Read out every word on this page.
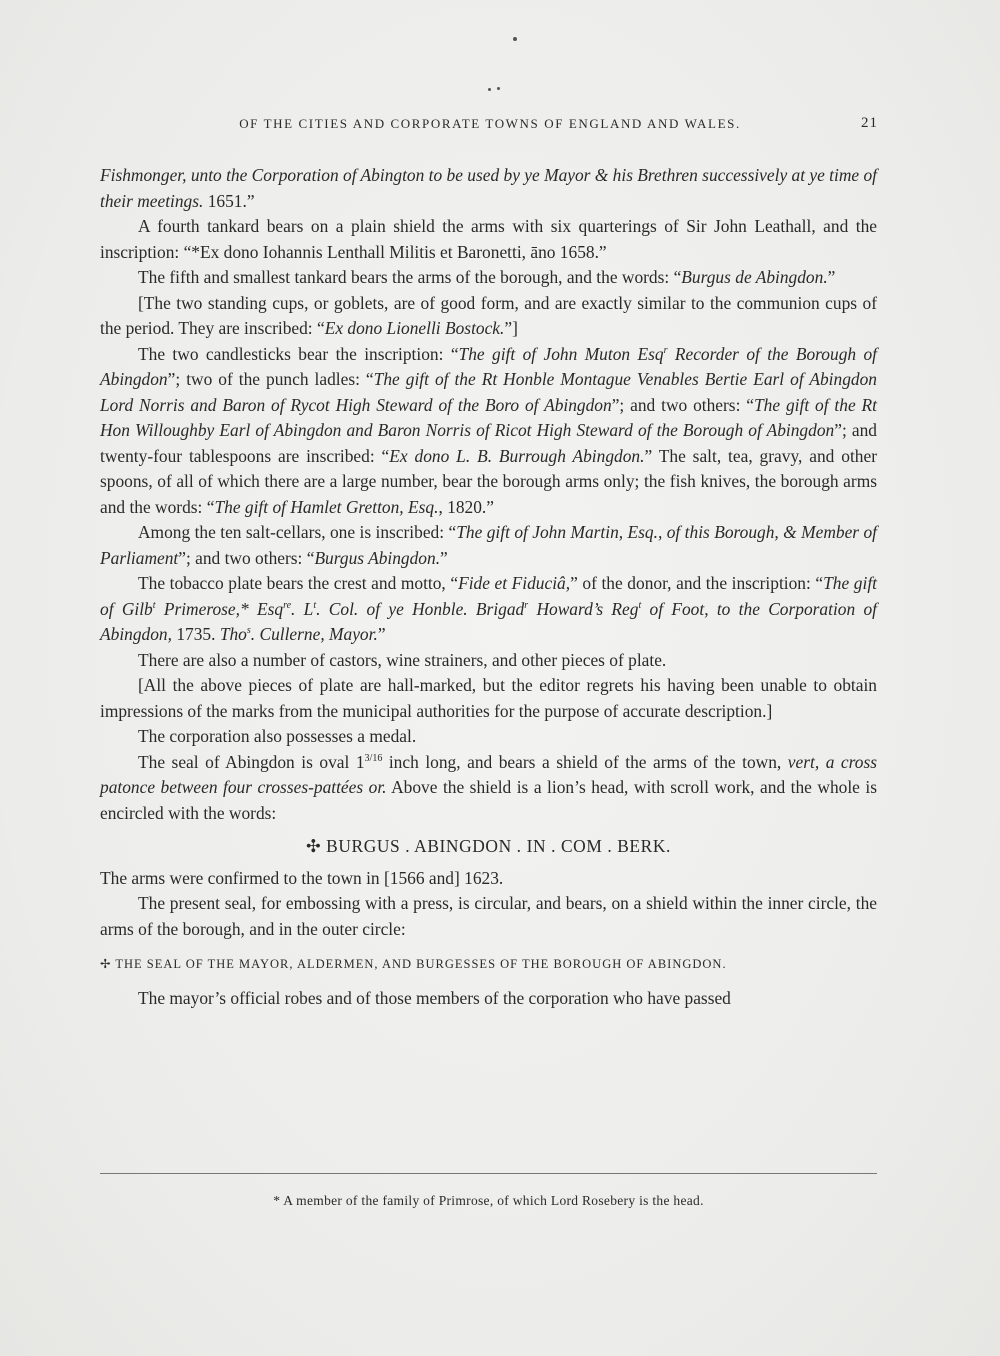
OF THE CITIES AND CORPORATE TOWNS OF ENGLAND AND WALES.	21

Fishmonger, unto the Corporation of Abington to be used by ye Mayor & his Brethren successively at ye time of their meetings. 1651.”

A fourth tankard bears on a plain shield the arms with six quarterings of Sir John Leathall, and the inscription: “*Ex dono Iohannis Lenthall Militis et Baronetti, āno 1658.”

The fifth and smallest tankard bears the arms of the borough, and the words: “Burgus de Abingdon.”

[The two standing cups, or goblets, are of good form, and are exactly similar to the communion cups of the period. They are inscribed: “Ex dono Lionelli Bostock.”]

The two candlesticks bear the inscription: “The gift of John Muton Esq$^r$ Recorder of the Borough of Abingdon”; two of the punch ladles: “The gift of the Rt Honble Montague Venables Bertie Earl of Abingdon Lord Norris and Baron of Rycot High Steward of the Boro of Abingdon”; and two others: “The gift of the Rt Hon Willoughby Earl of Abingdon and Baron Norris of Ricot High Steward of the Borough of Abingdon”; and twenty-four tablespoons are inscribed: “Ex dono L. B. Burrough Abingdon.” The salt, tea, gravy, and other spoons, of all of which there are a large number, bear the borough arms only; the fish knives, the borough arms and the words: “The gift of Hamlet Gretton, Esq., 1820.”

Among the ten salt-cellars, one is inscribed: “The gift of John Martin, Esq., of this Borough, & Member of Parliament”; and two others: “Burgus Abingdon.”

The tobacco plate bears the crest and motto, “Fide et Fiduciâ,” of the donor, and the inscription: “The gift of Gilb$^t$ Primerose,* Esq$^{re}$. $L^t$. Col. of ye Honble. Brigad$^r$ Howard’s Reg$^t$ of Foot, to the Corporation of Abingdon, 1735. Tho$^s$. Cullerne, Mayor.”

There are also a number of castors, wine strainers, and other pieces of plate.

[All the above pieces of plate are hall-marked, but the editor regrets his having been unable to obtain impressions of the marks from the municipal authorities for the purpose of accurate description.]

The corporation also possesses a medal.

The seal of Abingdon is oval $1^{3/16}$ inch long, and bears a shield of the arms of the town, vert, a cross patonce between four crosses-pattées or. Above the shield is a lion’s head, with scroll work, and the whole is encircled with the words:

✣ BURGUS . ABINGDON . IN . COM . BERK.

The arms were confirmed to the town in [1566 and] 1623.

The present seal, for embossing with a press, is circular, and bears, on a shield within the inner circle, the arms of the borough, and in the outer circle:

✢ THE SEAL OF THE MAYOR, ALDERMEN, AND BURGESSES OF THE BOROUGH OF ABINGDON.

The mayor’s official robes and of those members of the corporation who have passed

* A member of the family of Primrose, of which Lord Rosebery is the head.
